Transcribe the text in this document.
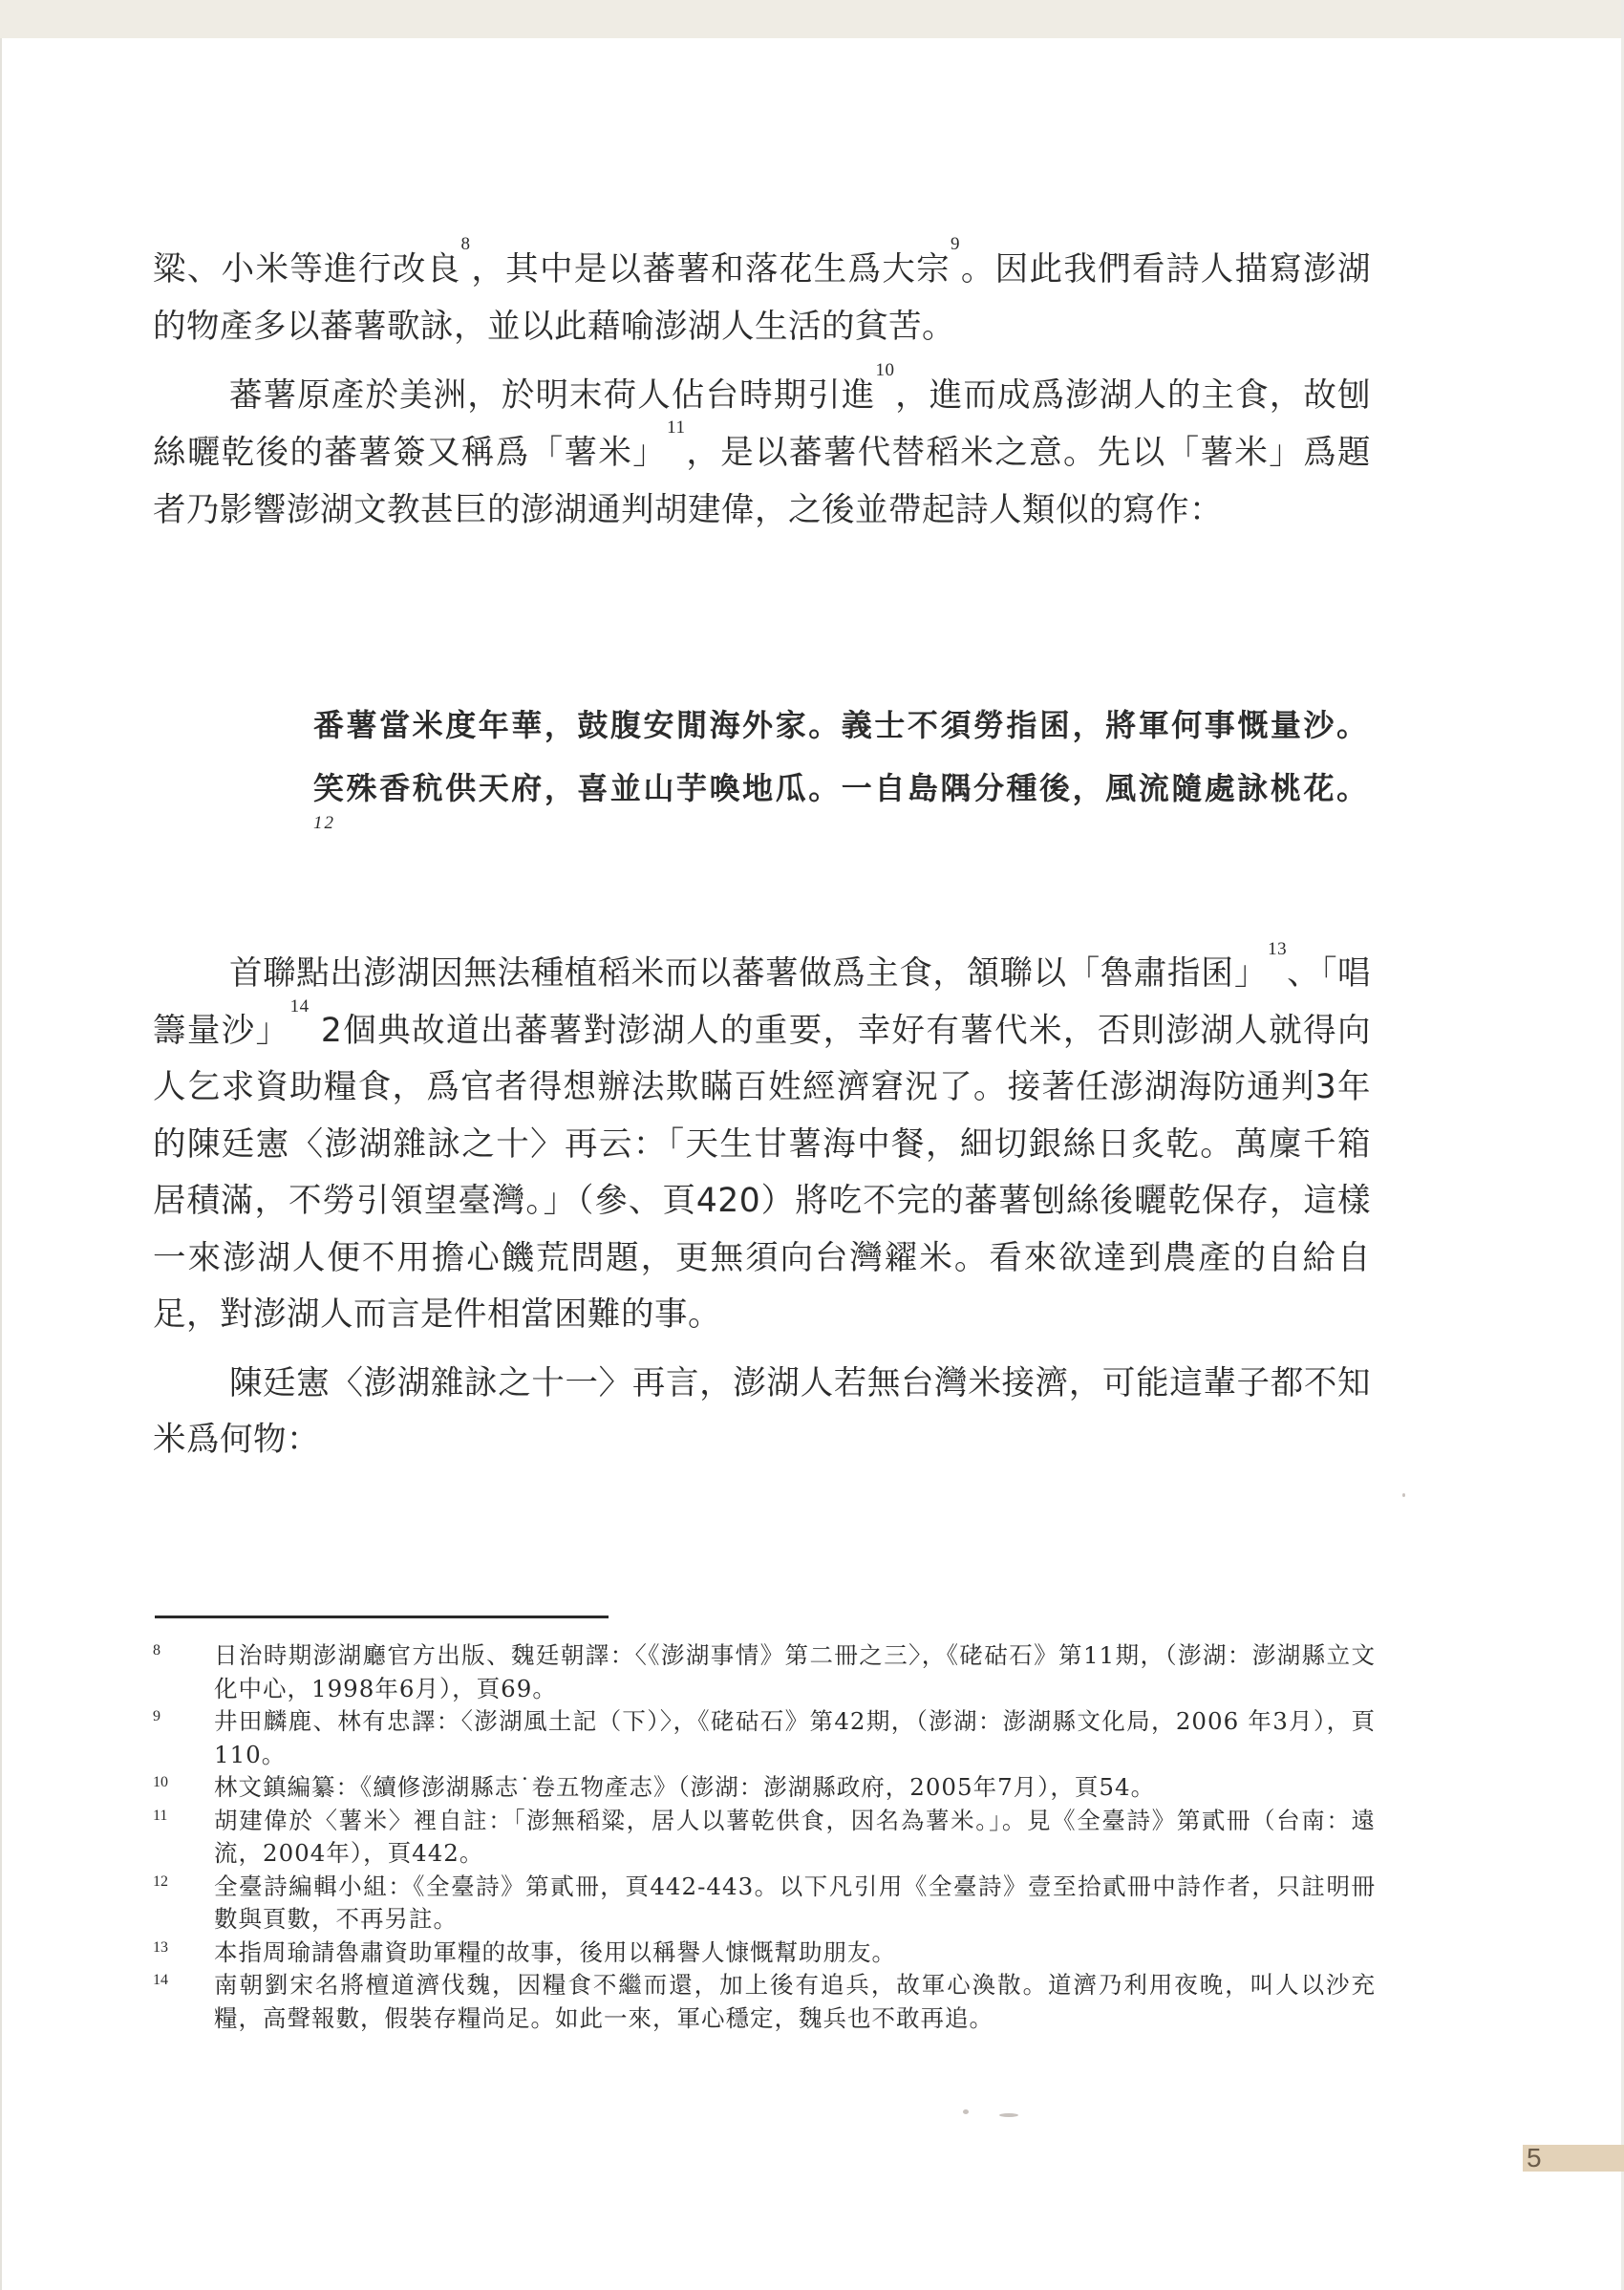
粱、小米等進行改良$^8$，其中是以蕃薯和落花生爲大宗$^9$。因此我們看詩人描寫澎湖的物產多以蕃薯歌詠，並以此藉喻澎湖人生活的貧苦。

蕃薯原產於美洲，於明末荷人佔台時期引進$^{10}$，進而成爲澎湖人的主食，故刨絲曬乾後的蕃薯簽又稱爲「薯米」$^{11}$，是以蕃薯代替稻米之意。先以「薯米」爲題者乃影響澎湖文教甚巨的澎湖通判胡建偉，之後並帶起詩人類似的寫作：

番薯當米度年華，鼓腹安閒海外家。義士不須勞指囷，將軍何事慨量沙。笑殊香秔供天府，喜並山芋喚地瓜。一自島隅分種後，風流隨處詠桃花。$^{12}$

首聯點出澎湖因無法種植稻米而以蕃薯做爲主食，頷聯以「魯肅指囷」$^{13}$、「唱籌量沙」$^{14}$ 2個典故道出蕃薯對澎湖人的重要，幸好有薯代米，否則澎湖人就得向人乞求資助糧食，爲官者得想辦法欺瞞百姓經濟窘況了。接著任澎湖海防通判3年的陳廷憲〈澎湖雜詠之十〉再云：「天生甘薯海中餐，細切銀絲日炙乾。萬廩千箱居積滿，不勞引領望臺灣。」（參、頁420）將吃不完的蕃薯刨絲後曬乾保存，這樣一來澎湖人便不用擔心饑荒問題，更無須向台灣糴米。看來欲達到農產的自給自足，對澎湖人而言是件相當困難的事。

陳廷憲〈澎湖雜詠之十一〉再言，澎湖人若無台灣米接濟，可能這輩子都不知米爲何物：

8	日治時期澎湖廳官方出版、魏廷朝譯：〈《澎湖事情》第二冊之三〉，《硓𥑮石》第11期，（澎湖：澎湖縣立文化中心，1998年6月），頁69。
9	井田麟鹿、林有忠譯：〈澎湖風土記（下）〉，《硓𥑮石》第42期，（澎湖：澎湖縣文化局，2006 年3月），頁110。
10	林文鎮編纂：《續修澎湖縣志˙卷五物產志》（澎湖：澎湖縣政府，2005年7月），頁54。
11	胡建偉於〈薯米〉裡自註：「澎無稻粱，居人以薯乾供食，因名為薯米。」。見《全臺詩》第貳冊（台南：遠流，2004年），頁442。
12	全臺詩編輯小組：《全臺詩》第貳冊，頁442-443。以下凡引用《全臺詩》壹至拾貳冊中詩作者，只註明冊數與頁數，不再另註。
13	本指周瑜請魯肅資助軍糧的故事，後用以稱譽人慷慨幫助朋友。
14	南朝劉宋名將檀道濟伐魏，因糧食不繼而還，加上後有追兵，故軍心渙散。道濟乃利用夜晚，叫人以沙充糧，高聲報數，假裝存糧尚足。如此一來，軍心穩定，魏兵也不敢再追。
5
